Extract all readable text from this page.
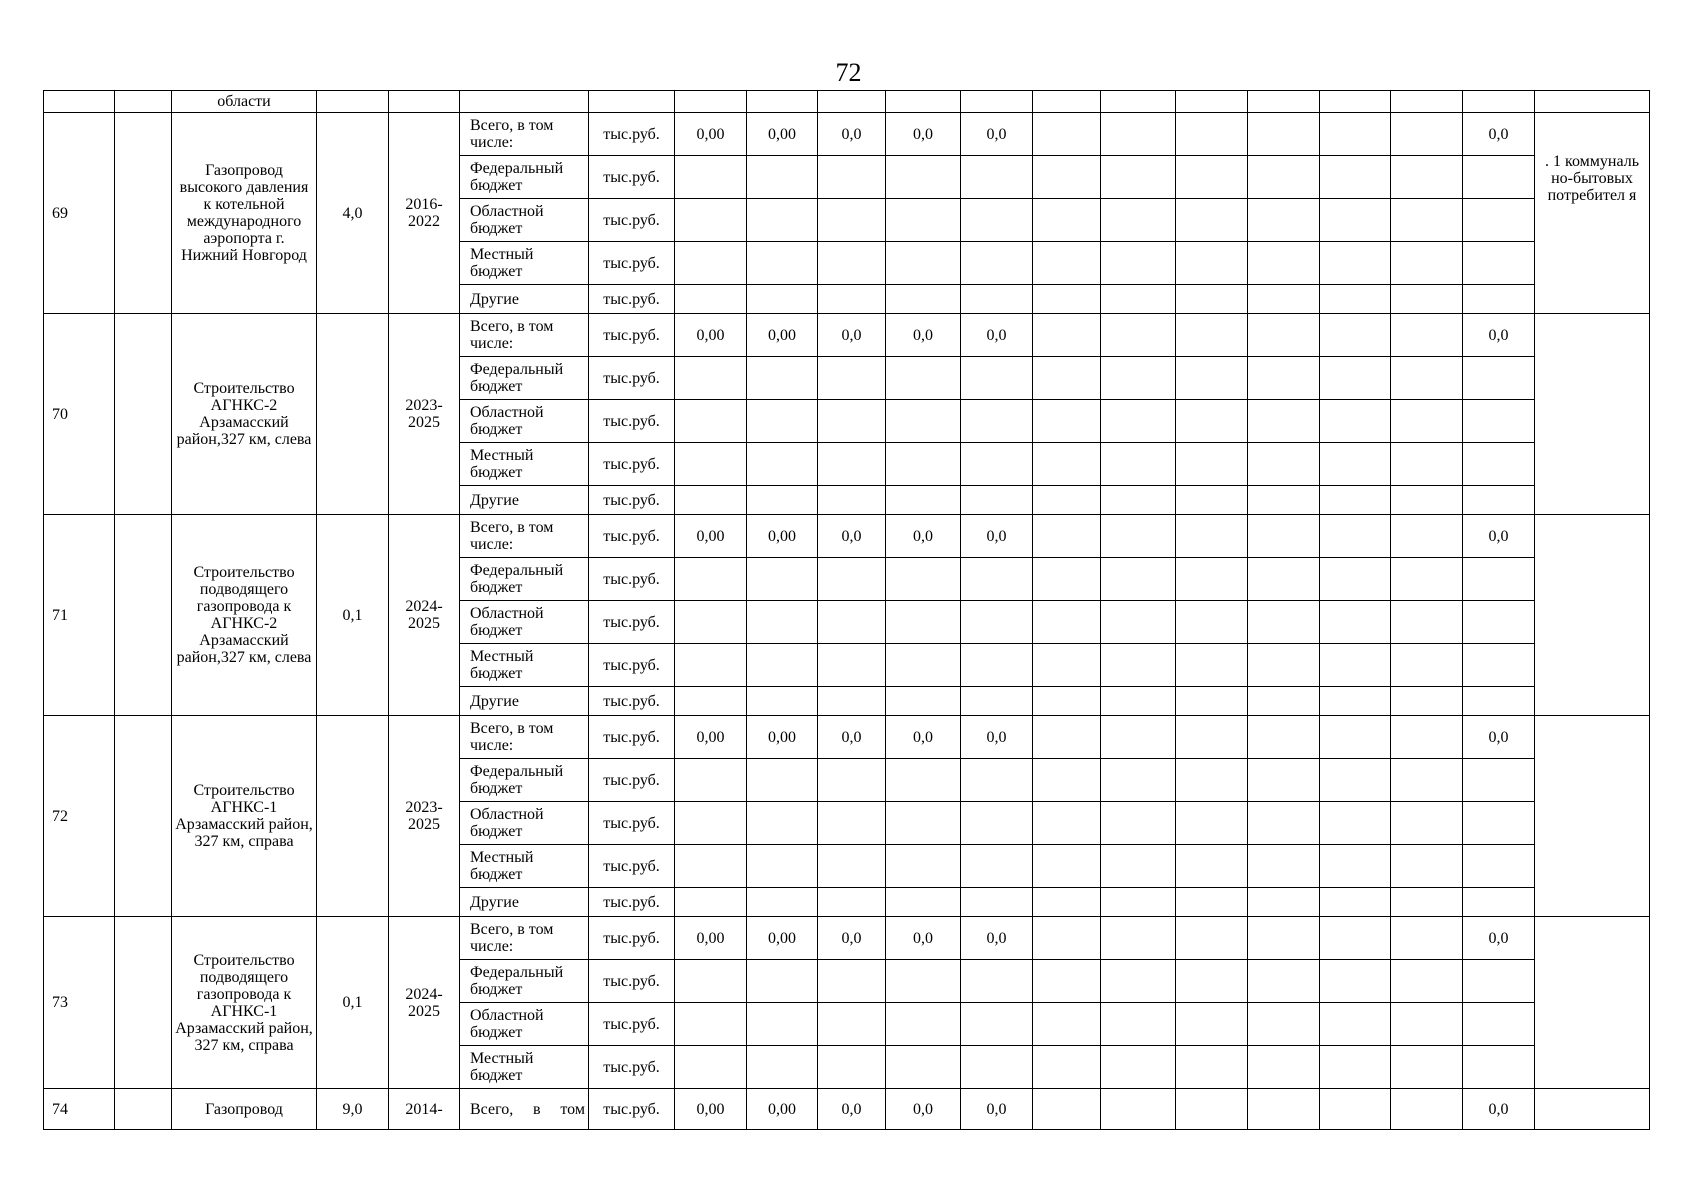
72
		области																	
69		Газопровод высокого давления к котельной международного аэропорта г. Нижний Новгород	4,0	2016-2022	Всего, в том числе:	тыс.руб.	0,00	0,00	0,0	0,0	0,0							0,0	. 1 коммуналь но-бытовых потребител я
					Федеральный бюджет	тыс.руб.													
					Областной бюджет	тыс.руб.													
					Местный бюджет	тыс.руб.													
					Другие	тыс.руб.													
70		Строительство АГНКС-2 Арзамасский район,327 км, слева		2023-2025	Всего, в том числе:	тыс.руб.	0,00	0,00	0,0	0,0	0,0							0,0	
					Федеральный бюджет	тыс.руб.													
					Областной бюджет	тыс.руб.													
					Местный бюджет	тыс.руб.													
					Другие	тыс.руб.													
71		Строительство подводящего газопровода к АГНКС-2 Арзамасский район,327 км, слева	0,1	2024-2025	Всего, в том числе:	тыс.руб.	0,00	0,00	0,0	0,0	0,0							0,0	
					Федеральный бюджет	тыс.руб.													
					Областной бюджет	тыс.руб.													
					Местный бюджет	тыс.руб.													
					Другие	тыс.руб.													
72		Строительство АГНКС-1 Арзамасский район, 327 км, справа		2023-2025	Всего, в том числе:	тыс.руб.	0,00	0,00	0,0	0,0	0,0							0,0	
					Федеральный бюджет	тыс.руб.													
					Областной бюджет	тыс.руб.													
					Местный бюджет	тыс.руб.													
					Другие	тыс.руб.													
73		Строительство подводящего газопровода к АГНКС-1 Арзамасский район, 327 км, справа	0,1	2024-2025	Всего, в том числе:	тыс.руб.	0,00	0,00	0,0	0,0	0,0							0,0	
					Федеральный бюджет	тыс.руб.													
					Областной бюджет	тыс.руб.													
					Местный бюджет	тыс.руб.													
74		Газопровод	9,0	2014-	Всего, в том	тыс.руб.	0,00	0,00	0,0	0,0	0,0							0,0	
